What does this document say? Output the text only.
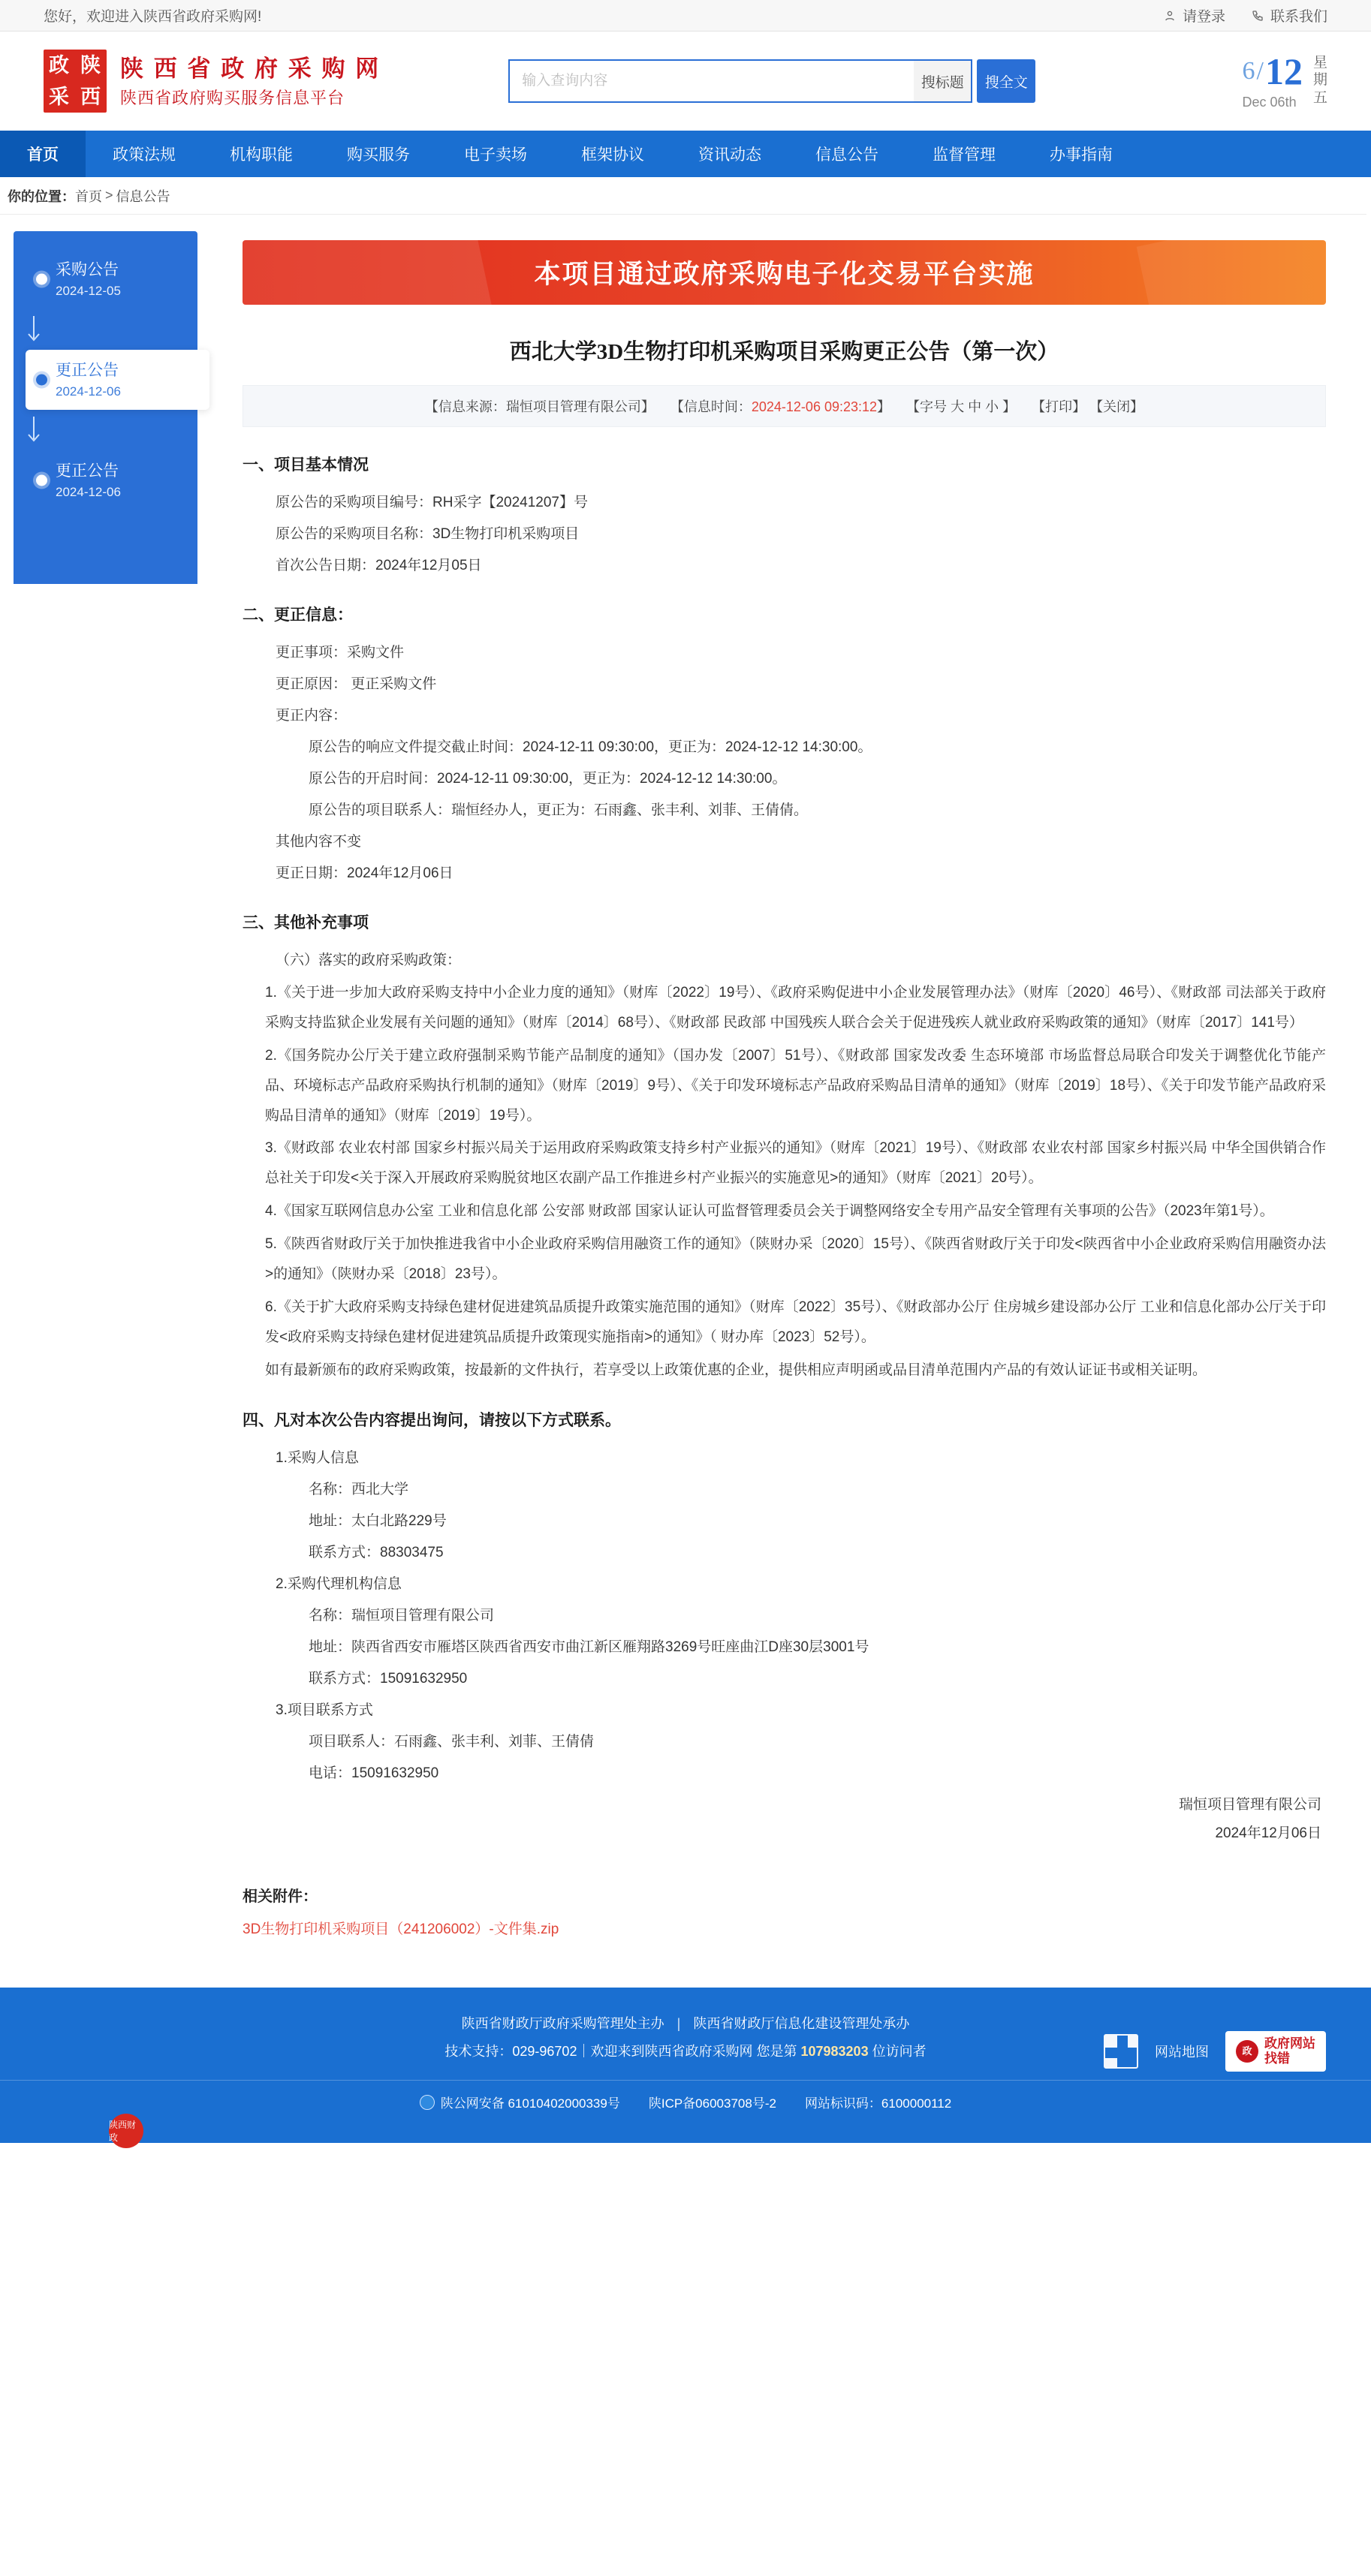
您好，欢迎进入陕西省政府采购网!	请登录	联系我们
政 陕
采 西
陕 西 省 政 府 采 购 网
陕西省政府购买服务信息平台
输入查询内容
搜标题	搜全文	6 / 12
Dec 06th
星
期
五
首页	政策法规	机构职能	购买服务	电子卖场	框架协议	资讯动态	信息公告	监督管理	办事指南
你的位置： 首页 > 信息公告
采购公告
2024-12-05
更正公告
2024-12-06
更正公告
2024-12-06
本项目通过政府采购电子化交易平台实施
西北大学3D生物打印机采购项目采购更正公告（第一次）
【信息来源：瑞恒项目管理有限公司】 【信息时间：2024-12-06 09:23:12】 【字号 大 中 小 】 【打印】 【关闭】
一、项目基本情况

原公告的采购项目编号：RH采字【20241207】号

原公告的采购项目名称：3D生物打印机采购项目

首次公告日期：2024年12月05日

二、更正信息：

更正事项：采购文件

更正原因： 更正采购文件

更正内容：

原公告的响应文件提交截止时间：2024-12-11 09:30:00，更正为：2024-12-12 14:30:00。

原公告的开启时间：2024-12-11 09:30:00，更正为：2024-12-12 14:30:00。

原公告的项目联系人：瑞恒经办人，更正为：石雨鑫、张丰利、刘菲、王倩倩。

其他内容不变

更正日期：2024年12月06日

三、其他补充事项

（六）落实的政府采购政策：

1.《关于进一步加大政府采购支持中小企业力度的通知》（财库〔2022〕19号）、《政府采购促进中小企业发展管理办法》（财库〔2020〕46号）、《财政部 司法部关于政府采购支持监狱企业发展有关问题的通知》（财库〔2014〕68号）、《财政部 民政部 中国残疾人联合会关于促进残疾人就业政府采购政策的通知》（财库〔2017〕141号）

2.《国务院办公厅关于建立政府强制采购节能产品制度的通知》（国办发〔2007〕51号）、《财政部 国家发改委 生态环境部 市场监督总局联合印发关于调整优化节能产品、环境标志产品政府采购执行机制的通知》（财库〔2019〕9号）、《关于印发环境标志产品政府采购品目清单的通知》（财库〔2019〕18号）、《关于印发节能产品政府采购品目清单的通知》（财库〔2019〕19号）。

3.《财政部 农业农村部 国家乡村振兴局关于运用政府采购政策支持乡村产业振兴的通知》（财库〔2021〕19号）、《财政部 农业农村部 国家乡村振兴局 中华全国供销合作总社关于印发<关于深入开展政府采购脱贫地区农副产品工作推进乡村产业振兴的实施意见>的通知》（财库〔2021〕20号）。

4.《国家互联网信息办公室 工业和信息化部 公安部 财政部 国家认证认可监督管理委员会关于调整网络安全专用产品安全管理有关事项的公告》（2023年第1号）。

5.《陕西省财政厅关于加快推进我省中小企业政府采购信用融资工作的通知》（陕财办采〔2020〕15号）、《陕西省财政厅关于印发<陕西省中小企业政府采购信用融资办法>的通知》（陕财办采〔2018〕23号）。

6.《关于扩大政府采购支持绿色建材促进建筑品质提升政策实施范围的通知》（财库〔2022〕35号）、《财政部办公厅 住房城乡建设部办公厅 工业和信息化部办公厅关于印发<政府采购支持绿色建材促进建筑品质提升政策现实施指南>的通知》（ 财办库〔2023〕52号）。

如有最新颁布的政府采购政策，按最新的文件执行，若享受以上政策优惠的企业，提供相应声明函或品目清单范围内产品的有效认证证书或相关证明。

四、凡对本次公告内容提出询问，请按以下方式联系。

1.采购人信息

名称：西北大学

地址：太白北路229号

联系方式：88303475

2.采购代理机构信息

名称：瑞恒项目管理有限公司

地址：陕西省西安市雁塔区陕西省西安市曲江新区雁翔路3269号旺座曲江D座30层3001号

联系方式：15091632950

3.项目联系方式

项目联系人：石雨鑫、张丰利、刘菲、王倩倩

电话：15091632950

瑞恒项目管理有限公司
2024年12月06日
相关附件：
3D生物打印机采购项目（241206002）-文件集.zip
陕西省财政厅政府采购管理处主办 | 陕西省财政厅信息化建设管理处承办
技术支持：029-96702｜欢迎来到陕西省政府采购网 您是第 107983203 位访问者	网站地图	政
政府网站
找错
陕公网安备 61010402000339号 陕ICP备06003708号-2 网站标识码：6100000112
陕西财政
